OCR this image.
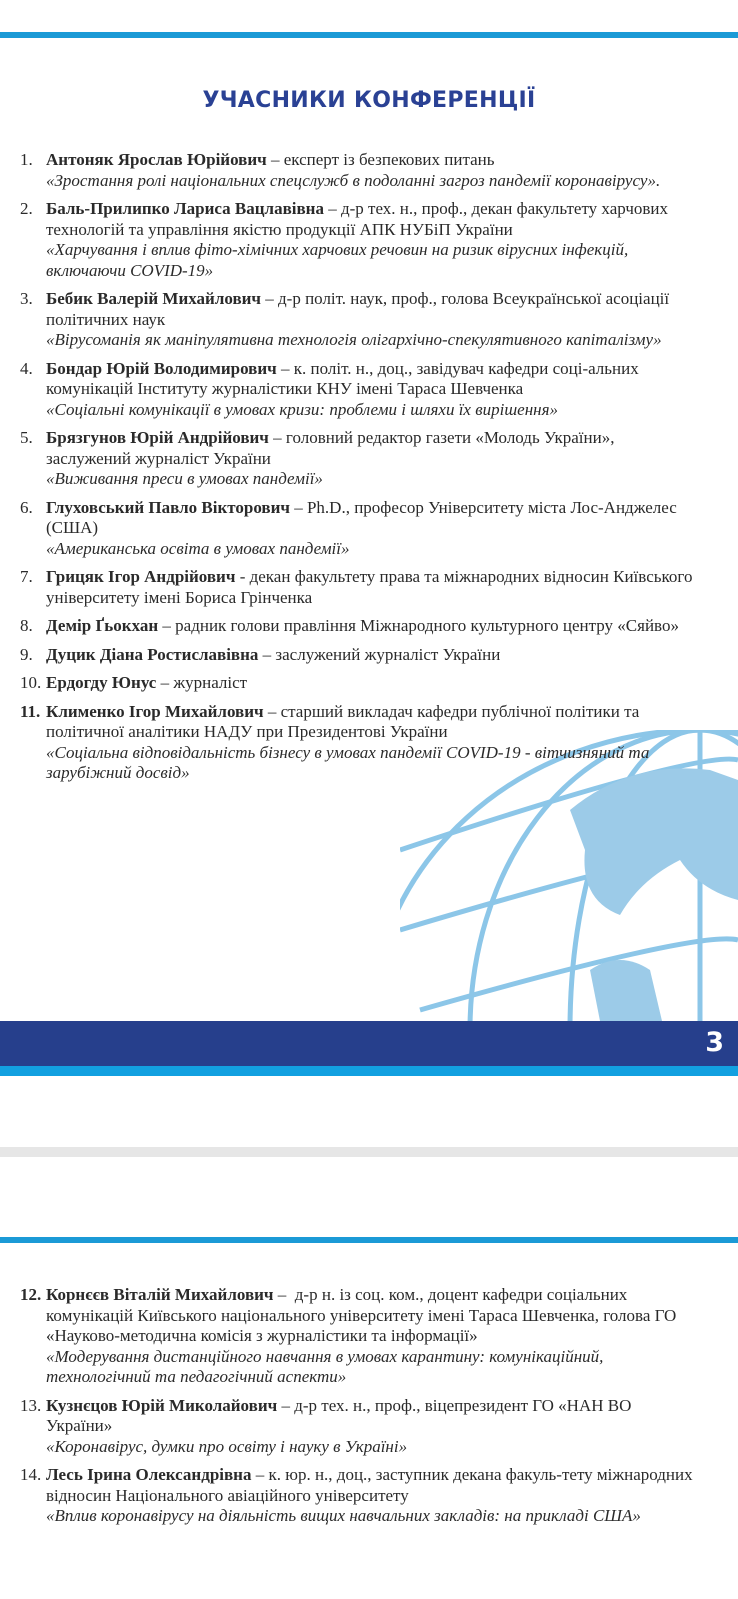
УЧАСНИКИ КОНФЕРЕНЦІЇ
1. Антоняк Ярослав Юрійович – експерт із безпекових питань
«Зростання ролі національних спецслужб в подоланні загроз пандемії коронавірусу».
2. Баль-Прилипко Лариса Вацлавівна – д-р тех. н., проф., декан факультету харчових технологій та управління якістю продукції АПК НУБіП України
«Харчування і вплив фіто-хімічних харчових речовин на ризик вірусних інфекцій, включаючи COVID-19»
3. Бебик Валерій Михайлович – д-р політ. наук, проф., голова Всеукраїнської асоціації політичних наук
«Вірусоманія як маніпулятивна технологія олігархічно-спекулятивного капіталізму»
4. Бондар Юрій Володимирович – к. політ. н., доц., завідувач кафедри соці-альних комунікацій Інституту журналістики КНУ імені Тараса Шевченка
«Соціальні комунікації в умовах кризи: проблеми і шляхи їх вирішення»
5. Брязгунов Юрій Андрійович – головний редактор газети «Молодь України», заслужений журналіст України
«Виживання преси в умовах пандемії»
6. Глуховський Павло Вікторович – Ph.D., професор Університету міста Лос-Анджелес (США)
«Американська освіта в умовах пандемії»
7. Грицяк Ігор Андрійович - декан факультету права та міжнародних відносин Київського університету імені Бориса Грінченка
8. Демір Ґьокхан – радник голови правління Міжнародного культурного центру «Сяйво»
9. Дуцик Діана Ростиславівна – заслужений журналіст України
10. Ердогду Юнус – журналіст
11. Клименко Ігор Михайлович – старший викладач кафедри публічної політики та політичної аналітики НАДУ при Президентові України
«Соціальна відповідальність бізнесу в умовах пандемії COVID-19 - вітчизняний та зарубіжний досвід»
3
12. Корнєєв Віталій Михайлович –  д-р н. із соц. ком., доцент кафедри соціальних комунікацій Київського національного університету імені Тараса Шевченка, голова ГО «Науково-методична комісія з журналістики та інформації»
«Модерування дистанційного навчання в умовах карантину: комунікаційний, технологічний та педагогічний аспекти»
13. Кузнєцов Юрій Миколайович – д-р тех. н., проф., віцепрезидент ГО «НАН ВО України»
«Коронавірус, думки про освіту і науку в Україні»
14. Лесь Ірина Олександрівна – к. юр. н., доц., заступник декана факуль-тету міжнародних відносин Національного авіаційного університету
«Вплив коронавірусу на діяльність вищих навчальних закладів: на прикладі США»
